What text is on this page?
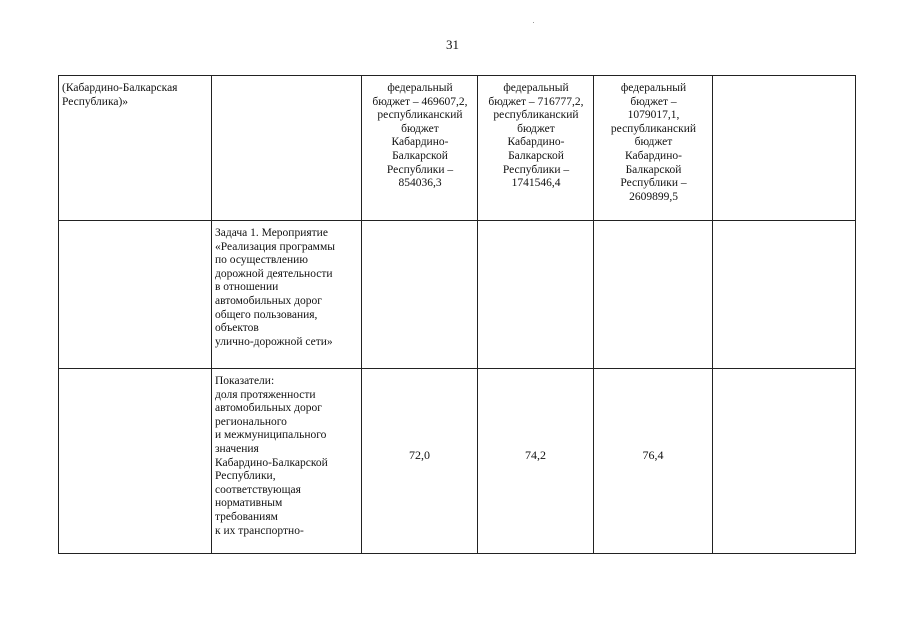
31
(Кабардино-Балкарская
Республика)»
федеральный
бюджет – 469607,2,
республиканский
бюджет
Кабардино-
Балкарской
Республики –
854036,3
федеральный
бюджет – 716777,2,
республиканский
бюджет
Кабардино-
Балкарской
Республики –
1741546,4
федеральный
бюджет –
1079017,1,
республиканский
бюджет
Кабардино-
Балкарской
Республики –
2609899,5
Задача 1. Мероприятие
«Реализация программы
по осуществлению
дорожной деятельности
в отношении
автомобильных дорог
общего пользования,
объектов
улично-дорожной сети»
Показатели:
доля протяженности
автомобильных дорог
регионального
и межмуниципального
значения
Кабардино-Балкарской
Республики,
соответствующая
нормативным
требованиям
к их транспортно-
72,0	74,2	76,4
